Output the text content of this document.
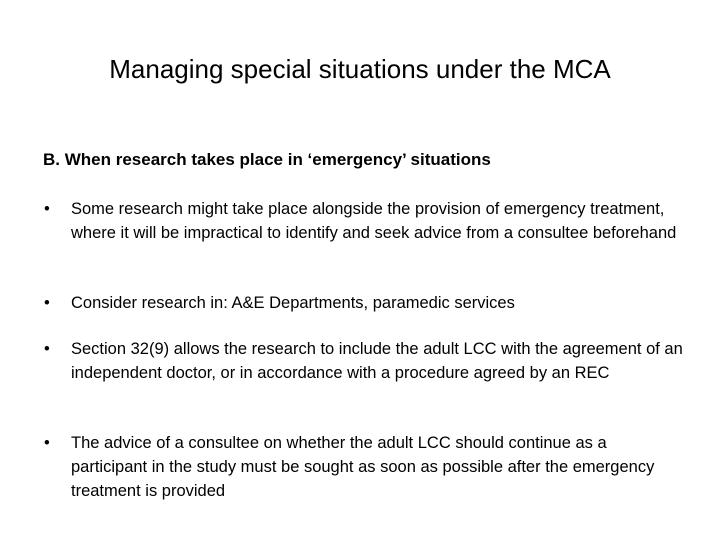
Managing special situations under the MCA
B. When research takes place in ‘emergency’ situations
•	Some research might take place alongside the provision of emergency treatment, where it will be impractical to identify and seek advice from a consultee beforehand
•	Consider research in: A&E Departments, paramedic services
•	Section 32(9) allows the research to include the adult LCC with the agreement of an independent doctor, or in accordance with a procedure agreed by an REC
•	The advice of a consultee on whether the adult LCC should continue as a participant in the study must be sought as soon as possible after the emergency treatment is provided
